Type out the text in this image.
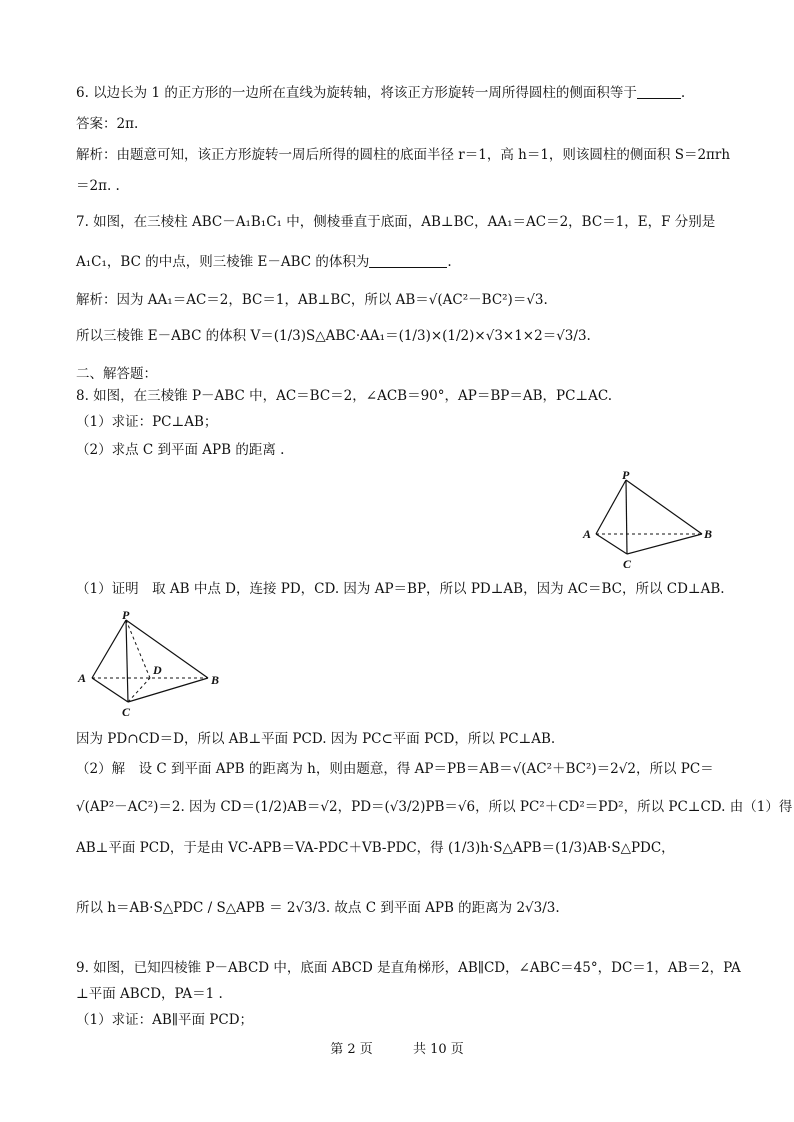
6. 以边长为 1 的正方形的一边所在直线为旋转轴，将该正方形旋转一周所得圆柱的侧面积等于	.
答案：2π.
解析：由题意可知，该正方形旋转一周后所得的圆柱的底面半径 r＝1，高 h＝1，则该圆柱的侧面积 S＝2πrh
＝2π. .
7. 如图，在三棱柱 ABC－A₁B₁C₁ 中，侧棱垂直于底面，AB⊥BC，AA₁＝AC＝2，BC＝1，E，F 分别是
A₁C₁，BC 的中点，则三棱锥 E－ABC 的体积为	.
解析：因为 AA₁＝AC＝2，BC＝1，AB⊥BC，所以 AB＝√(AC²－BC²)＝√3.
所以三棱锥 E－ABC 的体积 V＝(1/3)S△ABC·AA₁＝(1/3)×(1/2)×√3×1×2＝√3/3.
二、解答题：
8. 如图，在三棱锥 P－ABC 中，AC＝BC＝2，∠ACB＝90°，AP＝BP＝AB，PC⊥AC.
（1）求证：PC⊥AB；
（2）求点 C 到平面 APB 的距离 .
P
A	B
C
（1）证明　取 AB 中点 D，连接 PD，CD. 因为 AP＝BP，所以 PD⊥AB，因为 AC＝BC，所以 CD⊥AB.
P
A	B
C
D
因为 PD∩CD＝D，所以 AB⊥平面 PCD. 因为 PC⊂平面 PCD，所以 PC⊥AB.
（2）解　设 C 到平面 APB 的距离为 h，则由题意，得 AP＝PB＝AB＝√(AC²＋BC²)＝2√2，所以 PC＝
√(AP²－AC²)＝2. 因为 CD＝(1/2)AB＝√2，PD＝(√3/2)PB＝√6，所以 PC²＋CD²＝PD²，所以 PC⊥CD. 由（1）得
AB⊥平面 PCD，于是由 VC-APB＝VA-PDC＋VB-PDC，得 (1/3)h·S△APB＝(1/3)AB·S△PDC，
所以 h＝AB·S△PDC / S△APB ＝ 2√3/3. 故点 C 到平面 APB 的距离为 2√3/3.
9. 如图，已知四棱锥 P－ABCD 中，底面 ABCD 是直角梯形，AB∥CD，∠ABC＝45°，DC＝1，AB＝2，PA
⊥平面 ABCD，PA＝1 .
（1）求证：AB∥平面 PCD；
第 2 页	共 10 页
